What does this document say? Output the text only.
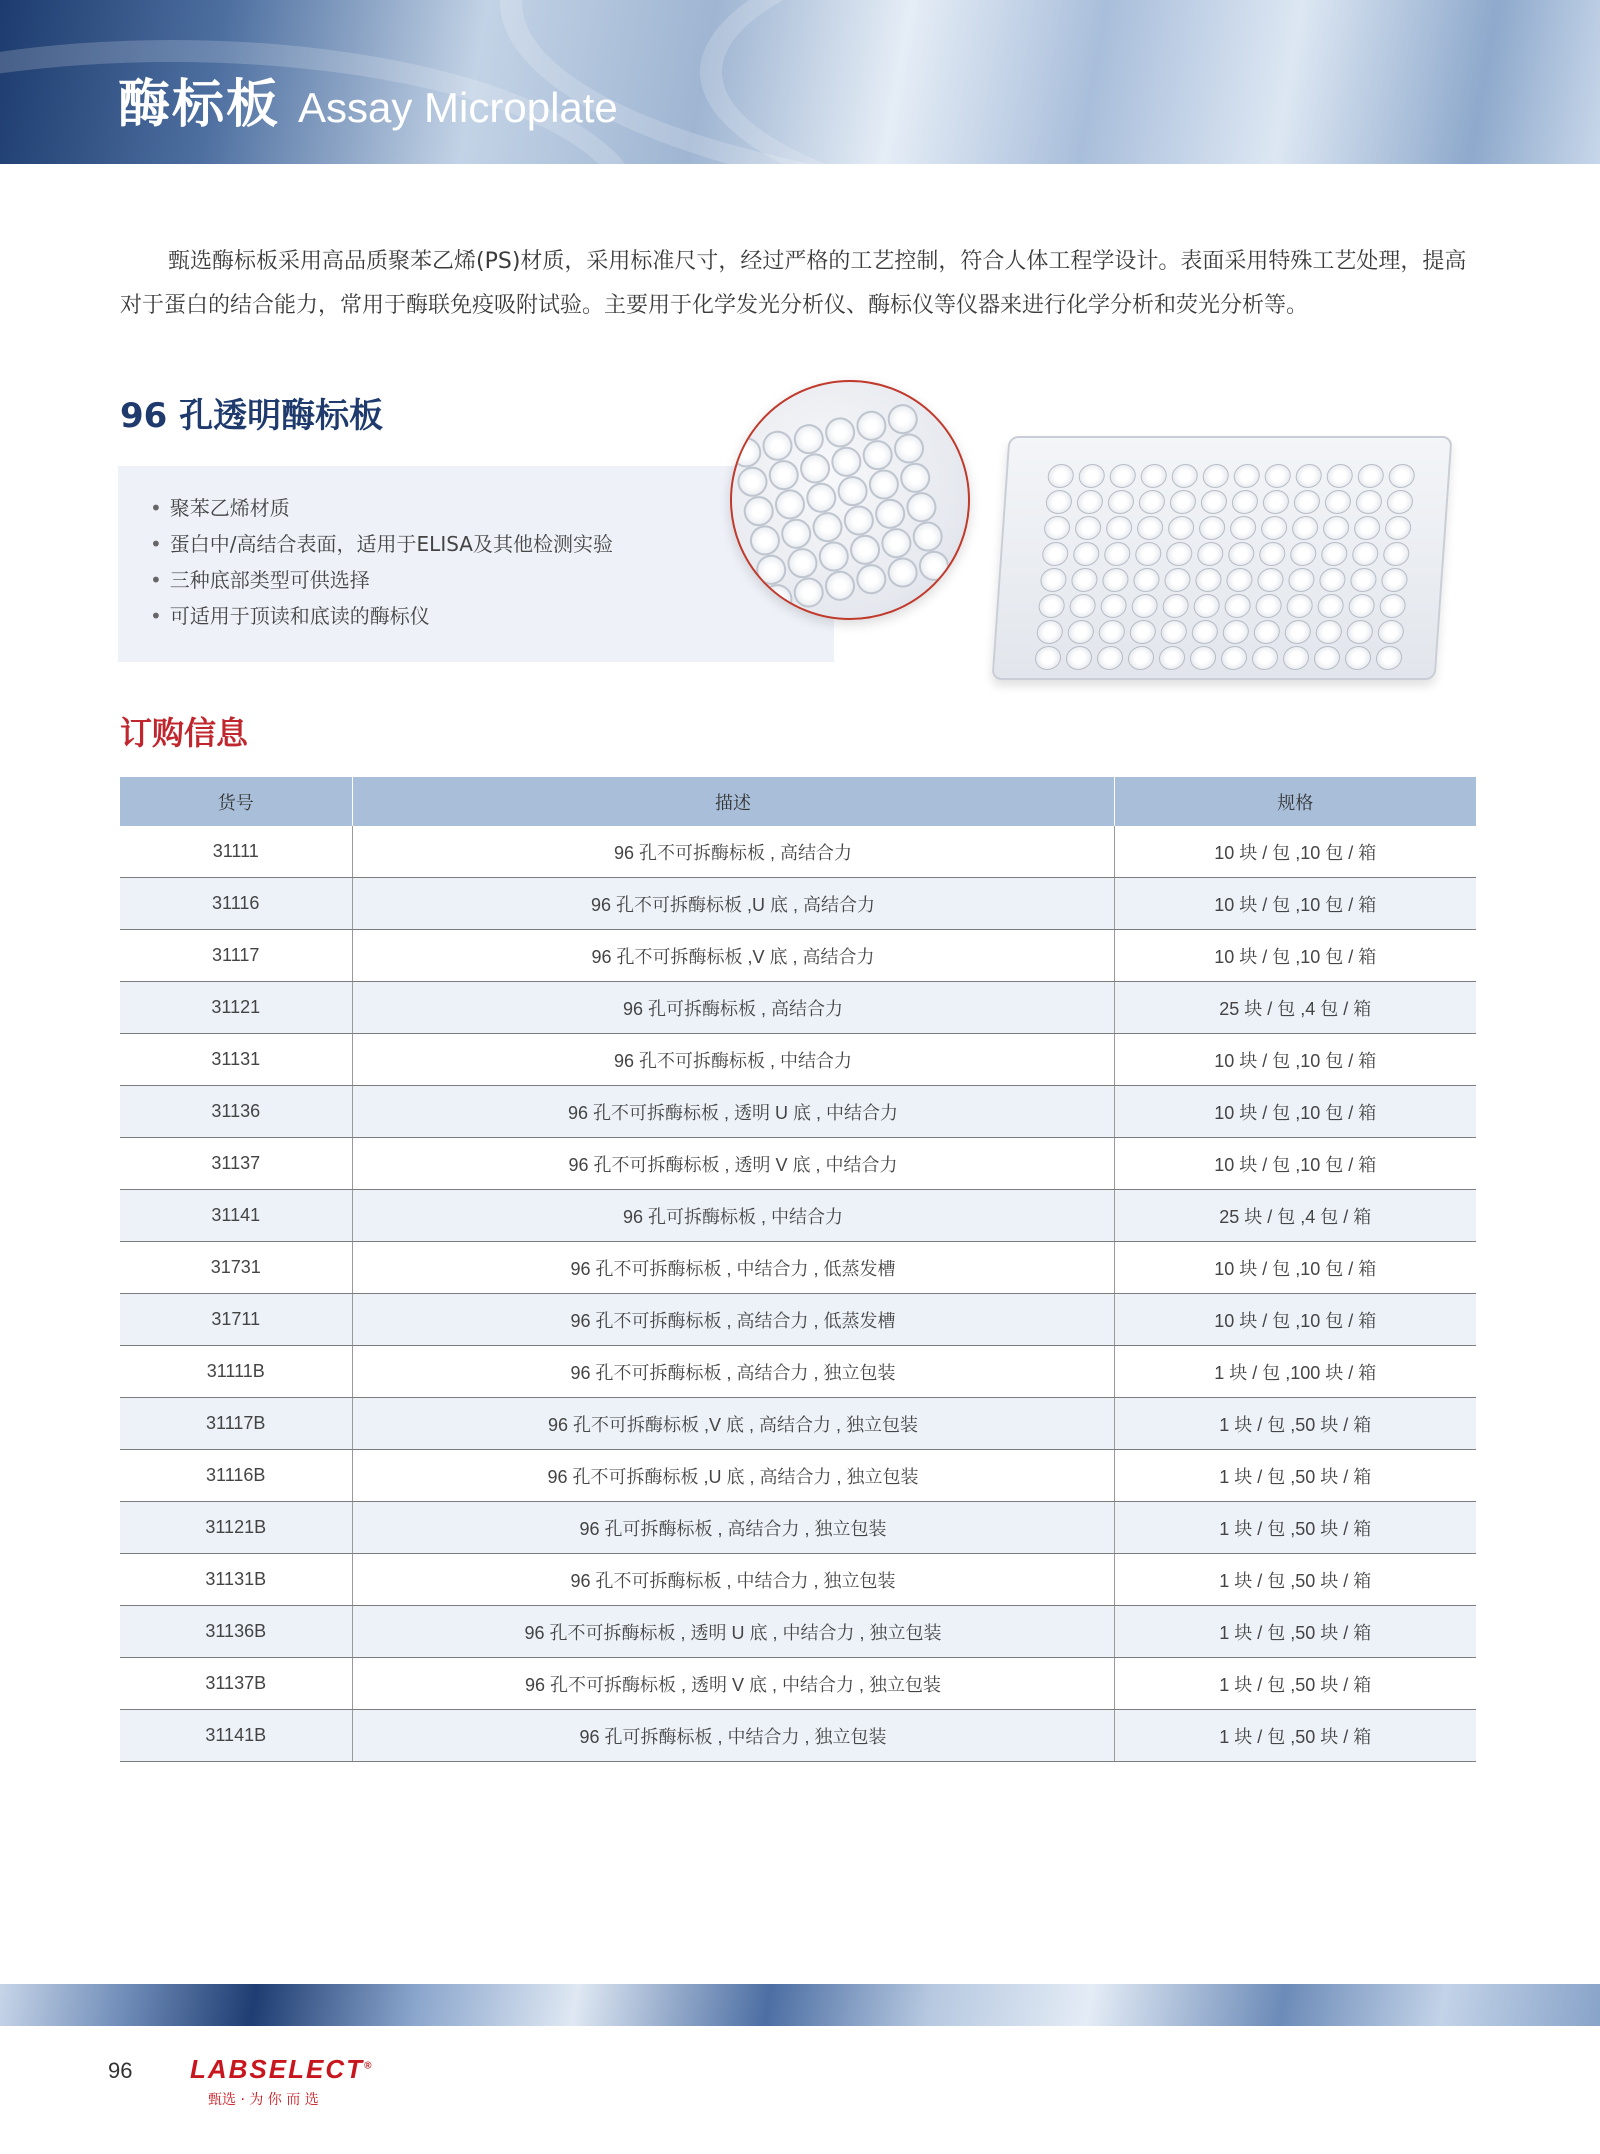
酶标板 Assay Microplate

甄选酶标板采用高品质聚苯乙烯(PS)材质，采用标准尺寸，经过严格的工艺控制，符合人体工程学设计。表面采用特殊工艺处理，提高对于蛋白的结合能力，常用于酶联免疫吸附试验。主要用于化学发光分析仪、酶标仪等仪器来进行化学分析和荧光分析等。

96 孔透明酶标板
• 聚苯乙烯材质
• 蛋白中/高结合表面，适用于ELISA及其他检测实验
• 三种底部类型可供选择
• 可适用于顶读和底读的酶标仪
订购信息
货号	描述	规格
31111	96 孔不可拆酶标板 , 高结合力	10 块 / 包 ,10 包 / 箱
31116	96 孔不可拆酶标板 ,U 底 , 高结合力	10 块 / 包 ,10 包 / 箱
31117	96 孔不可拆酶标板 ,V 底 , 高结合力	10 块 / 包 ,10 包 / 箱
31121	96 孔可拆酶标板 , 高结合力	25 块 / 包 ,4 包 / 箱
31131	96 孔不可拆酶标板 , 中结合力	10 块 / 包 ,10 包 / 箱
31136	96 孔不可拆酶标板 , 透明 U 底 , 中结合力	10 块 / 包 ,10 包 / 箱
31137	96 孔不可拆酶标板 , 透明 V 底 , 中结合力	10 块 / 包 ,10 包 / 箱
31141	96 孔可拆酶标板 , 中结合力	25 块 / 包 ,4 包 / 箱
31731	96 孔不可拆酶标板 , 中结合力 , 低蒸发槽	10 块 / 包 ,10 包 / 箱
31711	96 孔不可拆酶标板 , 高结合力 , 低蒸发槽	10 块 / 包 ,10 包 / 箱
31111B	96 孔不可拆酶标板 , 高结合力 , 独立包装	1 块 / 包 ,100 块 / 箱
31117B	96 孔不可拆酶标板 ,V 底 , 高结合力 , 独立包装	1 块 / 包 ,50 块 / 箱
31116B	96 孔不可拆酶标板 ,U 底 , 高结合力 , 独立包装	1 块 / 包 ,50 块 / 箱
31121B	96 孔可拆酶标板 , 高结合力 , 独立包装	1 块 / 包 ,50 块 / 箱
31131B	96 孔不可拆酶标板 , 中结合力 , 独立包装	1 块 / 包 ,50 块 / 箱
31136B	96 孔不可拆酶标板 , 透明 U 底 , 中结合力 , 独立包装	1 块 / 包 ,50 块 / 箱
31137B	96 孔不可拆酶标板 , 透明 V 底 , 中结合力 , 独立包装	1 块 / 包 ,50 块 / 箱
31141B	96 孔可拆酶标板 , 中结合力 , 独立包装	1 块 / 包 ,50 块 / 箱
96 LABSELECT®
甄选 · 为 你 而 选
